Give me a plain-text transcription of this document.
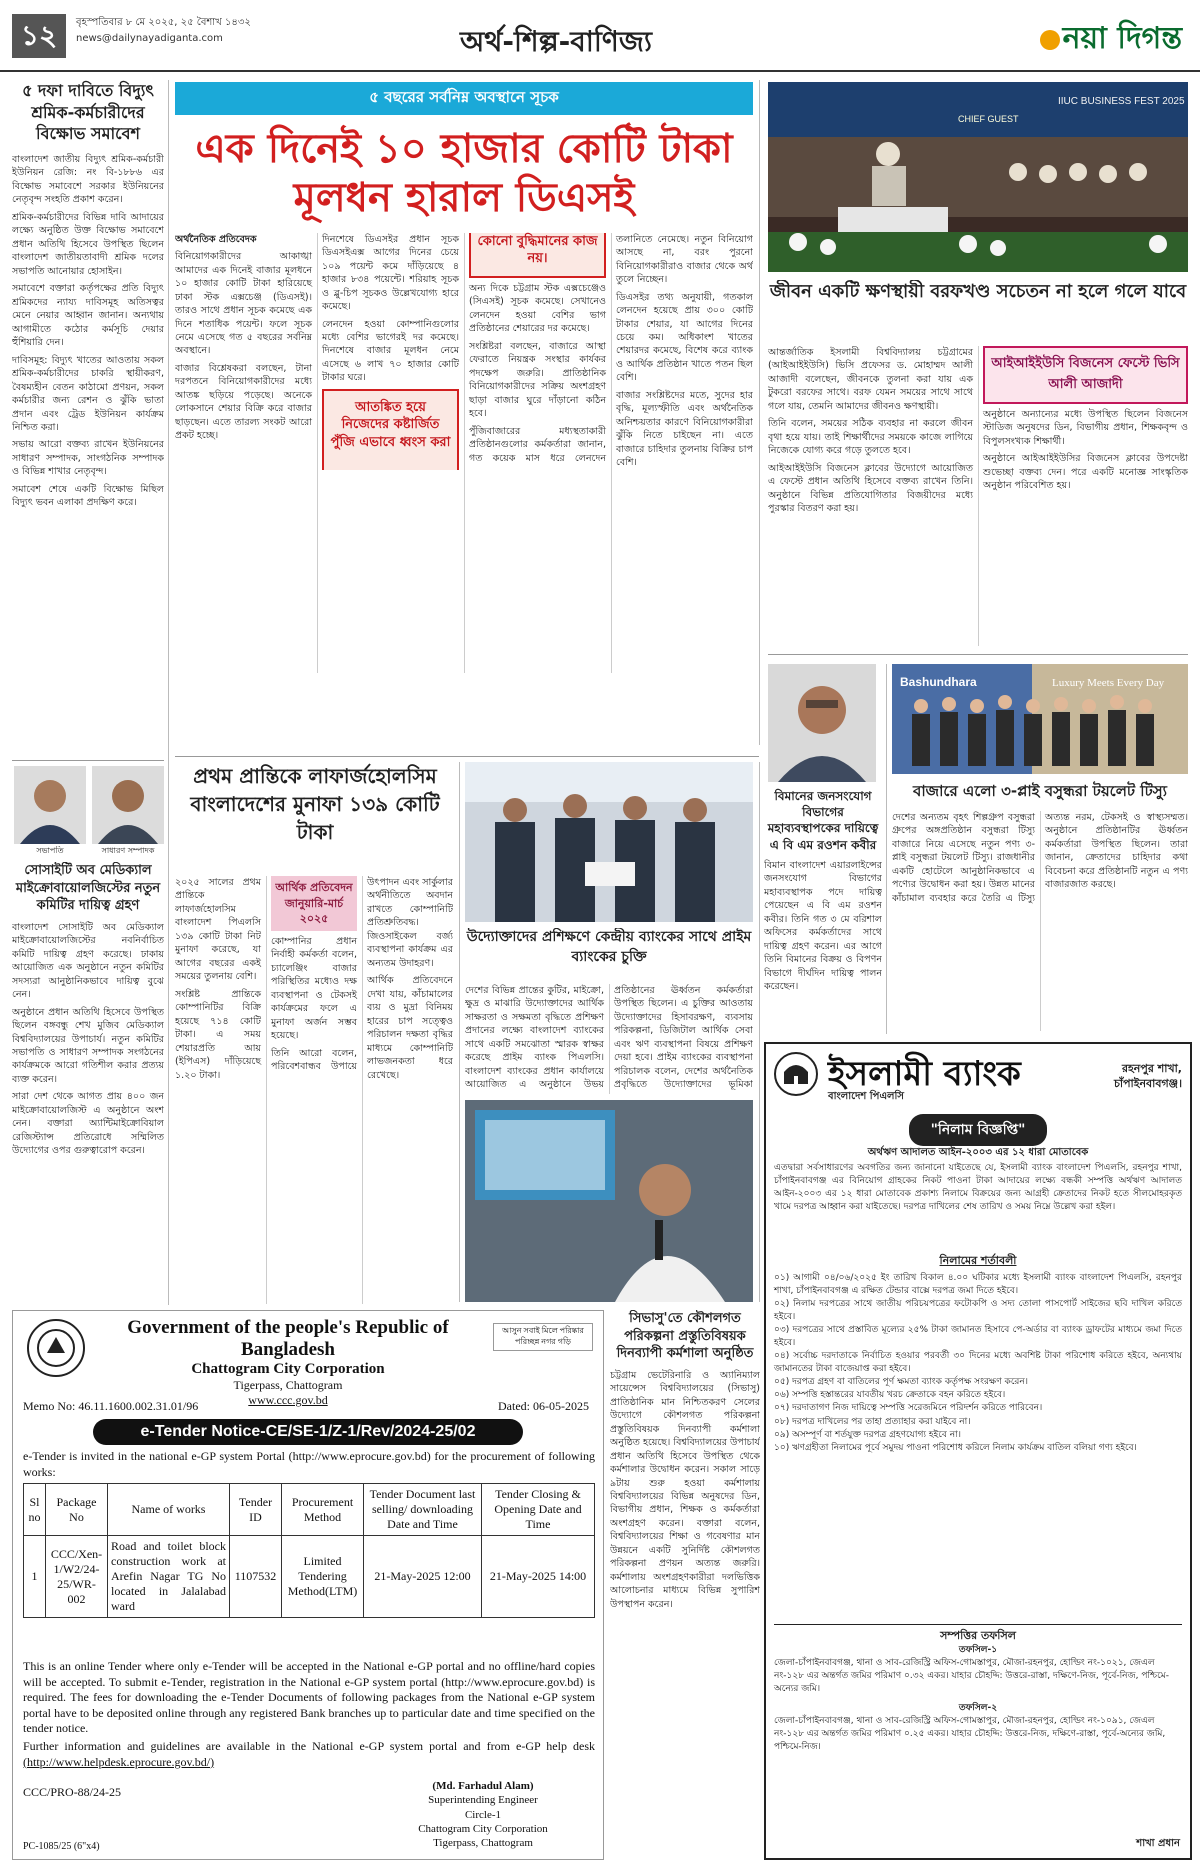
১২	বৃহস্পতিবার ৮ মে ২০২৫, ২৫ বৈশাখ ১৪৩২
news@dailynayadiganta.com	অর্থ-শিল্প-বাণিজ্য	নয়া দিগন্ত
৫ দফা দাবিতে বিদ্যুৎ শ্রমিক-কর্মচারীদের বিক্ষোভ সমাবেশ

বাংলাদেশ জাতীয় বিদ্যুৎ শ্রমিক-কর্মচারী ইউনিয়ন রেজি: নং বি-১৮৮৬ এর বিক্ষোভ সমাবেশে সরকার ইউনিয়নের নেতৃবৃন্দ সংহতি প্রকাশ করেন।

শ্রমিক-কর্মচারীদের বিভিন্ন দাবি আদায়ের লক্ষ্যে অনুষ্ঠিত উক্ত বিক্ষোভ সমাবেশে প্রধান অতিথি হিসেবে উপস্থিত ছিলেন বাংলাদেশ জাতীয়তাবাদী শ্রমিক দলের সভাপতি আনোয়ার হোসাইন।

সমাবেশে বক্তারা কর্তৃপক্ষের প্রতি বিদ্যুৎ শ্রমিকদের ন্যায্য দাবিসমূহ অতিসত্বর মেনে নেয়ার আহ্বান জানান। অন্যথায় আগামীতে কঠোর কর্মসূচি দেয়ার হুঁশিয়ারি দেন।

দাবিসমূহ: বিদ্যুৎ খাতের আওতায় সকল শ্রমিক-কর্মচারীদের চাকরি স্থায়ীকরণ, বৈষম্যহীন বেতন কাঠামো প্রণয়ন, সকল কর্মচারীর জন্য রেশন ও ঝুঁকি ভাতা প্রদান এবং ট্রেড ইউনিয়ন কার্যক্রম নিশ্চিত করা।

সভায় আরো বক্তব্য রাখেন ইউনিয়নের সাধারণ সম্পাদক, সাংগঠনিক সম্পাদক ও বিভিন্ন শাখার নেতৃবৃন্দ।

সমাবেশ শেষে একটি বিক্ষোভ মিছিল বিদ্যুৎ ভবন এলাকা প্রদক্ষিণ করে।

৫ বছরের সর্বনিম্ন অবস্থানে সূচক
এক দিনেই ১০ হাজার কোটি টাকা মূলধন হারাল ডিএসই

অর্থনৈতিক প্রতিবেদক

বিনিয়োগকারীদের আকাঙ্খা আমাদের এক দিনেই বাজার মূলধনে ১০ হাজার কোটি টাকা হারিয়েছে ঢাকা স্টক এক্সচেঞ্জ (ডিএসই)। তারও সাথে প্রধান সূচক কমেছে এক দিনে শতাধিক পয়েন্ট। ফলে সূচক নেমে এসেছে গত ৫ বছরের সর্বনিম্ন অবস্থানে।

বাজার বিশ্লেষকরা বলছেন, টানা দরপতনে বিনিয়োগকারীদের মধ্যে আতঙ্ক ছড়িয়ে পড়েছে। অনেকে লোকসানে শেয়ার বিক্রি করে বাজার ছাড়ছেন। এতে তারল্য সংকট আরো প্রকট হচ্ছে।

দিনশেষে ডিএসইর প্রধান সূচক ডিএসইএক্স আগের দিনের চেয়ে ১০৯ পয়েন্ট কমে দাঁড়িয়েছে ৪ হাজার ৮৩৪ পয়েন্টে। শরিয়াহ সূচক ও ব্লু-চিপ সূচকও উল্লেখযোগ্য হারে কমেছে।

লেনদেন হওয়া কোম্পানিগুলোর মধ্যে বেশির ভাগেরই দর কমেছে। দিনশেষে বাজার মূলধন নেমে এসেছে ৬ লাখ ৭০ হাজার কোটি টাকার ঘরে।

আতঙ্কিত হয়ে নিজেদের কষ্টার্জিত পুঁজি এভাবে ধ্বংস করা কোনো বুদ্ধিমানের কাজ নয়।

অন্য দিকে চট্টগ্রাম স্টক এক্সচেঞ্জেও (সিএসই) সূচক কমেছে। সেখানেও লেনদেন হওয়া বেশির ভাগ প্রতিষ্ঠানের শেয়ারের দর কমেছে।

সংশ্লিষ্টরা বলছেন, বাজারে আস্থা ফেরাতে নিয়ন্ত্রক সংস্থার কার্যকর পদক্ষেপ জরুরি। প্রাতিষ্ঠানিক বিনিয়োগকারীদের সক্রিয় অংশগ্রহণ ছাড়া বাজার ঘুরে দাঁড়ানো কঠিন হবে।

পুঁজিবাজারের মধ্যস্থতাকারী প্রতিষ্ঠানগুলোর কর্মকর্তারা জানান, গত কয়েক মাস ধরে লেনদেন তলানিতে নেমেছে। নতুন বিনিয়োগ আসছে না, বরং পুরনো বিনিয়োগকারীরাও বাজার থেকে অর্থ তুলে নিচ্ছেন।

ডিএসইর তথ্য অনুযায়ী, গতকাল লেনদেন হয়েছে প্রায় ৩০০ কোটি টাকার শেয়ার, যা আগের দিনের চেয়ে কম। অধিকাংশ খাতের শেয়ারদর কমেছে, বিশেষ করে ব্যাংক ও আর্থিক প্রতিষ্ঠান খাতে পতন ছিল বেশি।

বাজার সংশ্লিষ্টদের মতে, সুদের হার বৃদ্ধি, মূল্যস্ফীতি এবং অর্থনৈতিক অনিশ্চয়তার কারণে বিনিয়োগকারীরা ঝুঁকি নিতে চাইছেন না। এতে বাজারে চাহিদার তুলনায় বিক্রির চাপ বেশি।

IIUC BUSINESS FEST 2025
CHIEF GUEST
জীবন একটি ক্ষণস্থায়ী বরফখণ্ড সচেতন না হলে গলে যাবে

আন্তর্জাতিক ইসলামী বিশ্ববিদ্যালয় চট্টগ্রামের (আইআইইউসি) ভিসি প্রফেসর ড. মোহাম্মদ আলী আজাদী বলেছেন, জীবনকে তুলনা করা যায় এক টুকরো বরফের সাথে। বরফ যেমন সময়ের সাথে সাথে গলে যায়, তেমনি আমাদের জীবনও ক্ষণস্থায়ী।

তিনি বলেন, সময়ের সঠিক ব্যবহার না করলে জীবন বৃথা হয়ে যায়। তাই শিক্ষার্থীদের সময়কে কাজে লাগিয়ে নিজেকে যোগ্য করে গড়ে তুলতে হবে।

আইআইইউসি বিজনেস ক্লাবের উদ্যোগে আয়োজিত এ ফেস্টে প্রধান অতিথি হিসেবে বক্তব্য রাখেন তিনি। অনুষ্ঠানে বিভিন্ন প্রতিযোগিতার বিজয়ীদের মধ্যে পুরস্কার বিতরণ করা হয়।

আইআইইউসি বিজনেস ফেস্টে ভিসি আলী আজাদী

অনুষ্ঠানে অন্যান্যের মধ্যে উপস্থিত ছিলেন বিজনেস স্টাডিজ অনুষদের ডিন, বিভাগীয় প্রধান, শিক্ষকবৃন্দ ও বিপুলসংখ্যক শিক্ষার্থী।

অনুষ্ঠানে আইআইইউসির বিজনেস ক্লাবের উপদেষ্টা শুভেচ্ছা বক্তব্য দেন। পরে একটি মনোজ্ঞ সাংস্কৃতিক অনুষ্ঠান পরিবেশিত হয়।

বিমানের জনসংযোগ বিভাগের মহাব্যবস্থাপকের দায়িত্বে এ বি এম রওশন কবীর
বিমান বাংলাদেশ এয়ারলাইন্সের জনসংযোগ বিভাগের মহাব্যবস্থাপক পদে দায়িত্ব পেয়েছেন এ বি এম রওশন কবীর। তিনি গত ৩ মে বরিশাল অফিসের কর্মকর্তাদের সাথে দায়িত্ব গ্রহণ করেন। এর আগে তিনি বিমানের বিক্রয় ও বিপণন বিভাগে দীর্ঘদিন দায়িত্ব পালন করেছেন।
Bashundhara	Luxury Meets Every Day
বাজারে এলো ৩-প্লাই বসুন্ধরা টয়লেট টিস্যু
দেশের অন্যতম বৃহৎ শিল্পগ্রুপ বসুন্ধরা গ্রুপের অঙ্গপ্রতিষ্ঠান বসুন্ধরা টিস্যু বাজারে নিয়ে এসেছে নতুন পণ্য ৩-প্লাই বসুন্ধরা টয়লেট টিস্যু। রাজধানীর একটি হোটেলে আনুষ্ঠানিকভাবে এ পণ্যের উদ্বোধন করা হয়। উন্নত মানের কাঁচামাল ব্যবহার করে তৈরি এ টিস্যু অত্যন্ত নরম, টেকসই ও স্বাস্থ্যসম্মত। অনুষ্ঠানে প্রতিষ্ঠানটির ঊর্ধ্বতন কর্মকর্তারা উপস্থিত ছিলেন। তারা জানান, ক্রেতাদের চাহিদার কথা বিবেচনা করে প্রতিষ্ঠানটি নতুন এ পণ্য বাজারজাত করছে।
প্রথম প্রান্তিকে লাফার্জহোলসিম বাংলাদেশের মুনাফা ১৩৯ কোটি টাকা

২০২৫ সালের প্রথম প্রান্তিকে লাফার্জহোলসিম বাংলাদেশ পিএলসি ১৩৯ কোটি টাকা নিট মুনাফা করেছে, যা আগের বছরের একই সময়ের তুলনায় বেশি।

সংশ্লিষ্ট প্রান্তিকে কোম্পানিটির বিক্রি হয়েছে ৭১৪ কোটি টাকা। এ সময় শেয়ারপ্রতি আয় (ইপিএস) দাঁড়িয়েছে ১.২০ টাকা।

আর্থিক প্রতিবেদন জানুয়ারি-মার্চ ২০২৫

কোম্পানির প্রধান নির্বাহী কর্মকর্তা বলেন, চ্যালেঞ্জিং বাজার পরিস্থিতির মধ্যেও দক্ষ ব্যবস্থাপনা ও টেকসই কার্যক্রমের ফলে এ মুনাফা অর্জন সম্ভব হয়েছে।

তিনি আরো বলেন, পরিবেশবান্ধব উপায়ে উৎপাদন এবং সার্কুলার অর্থনীতিতে অবদান রাখতে কোম্পানিটি প্রতিশ্রুতিবদ্ধ। জিওসাইকেল বর্জ্য ব্যবস্থাপনা কার্যক্রম এর অন্যতম উদাহরণ।

আর্থিক প্রতিবেদনে দেখা যায়, কাঁচামালের ব্যয় ও মুদ্রা বিনিময় হারের চাপ সত্ত্বেও পরিচালন দক্ষতা বৃদ্ধির মাধ্যমে কোম্পানিটি লাভজনকতা ধরে রেখেছে।

সভাপতি	সাধারণ সম্পাদক
সোসাইটি অব মেডিক্যাল মাইক্রোবায়োলজিস্টের নতুন কমিটির দায়িত্ব গ্রহণ

বাংলাদেশ সোসাইটি অব মেডিক্যাল মাইক্রোবায়োলজিস্টের নবনির্বাচিত কমিটি দায়িত্ব গ্রহণ করেছে। ঢাকায় আয়োজিত এক অনুষ্ঠানে নতুন কমিটির সদস্যরা আনুষ্ঠানিকভাবে দায়িত্ব বুঝে নেন।

অনুষ্ঠানে প্রধান অতিথি হিসেবে উপস্থিত ছিলেন বঙ্গবন্ধু শেখ মুজিব মেডিক্যাল বিশ্ববিদ্যালয়ের উপাচার্য। নতুন কমিটির সভাপতি ও সাধারণ সম্পাদক সংগঠনের কার্যক্রমকে আরো গতিশীল করার প্রত্যয় ব্যক্ত করেন।

সারা দেশ থেকে আগত প্রায় ৪০০ জন মাইক্রোবায়োলজিস্ট এ অনুষ্ঠানে অংশ নেন। বক্তারা অ্যান্টিমাইক্রোবিয়াল রেজিস্ট্যান্স প্রতিরোধে সম্মিলিত উদ্যোগের ওপর গুরুত্বারোপ করেন।

উদ্যোক্তাদের প্রশিক্ষণে কেন্দ্রীয় ব্যাংকের সাথে প্রাইম ব্যাংকের চুক্তি
দেশের বিভিন্ন প্রান্তের কুটির, মাইক্রো, ক্ষুদ্র ও মাঝারি উদ্যোক্তাদের আর্থিক সাক্ষরতা ও সক্ষমতা বৃদ্ধিতে প্রশিক্ষণ প্রদানের লক্ষ্যে বাংলাদেশ ব্যাংকের সাথে একটি সমঝোতা স্মারক স্বাক্ষর করেছে প্রাইম ব্যাংক পিএলসি। বাংলাদেশ ব্যাংকের প্রধান কার্যালয়ে আয়োজিত এ অনুষ্ঠানে উভয় প্রতিষ্ঠানের ঊর্ধ্বতন কর্মকর্তারা উপস্থিত ছিলেন। এ চুক্তির আওতায় উদ্যোক্তাদের হিসাবরক্ষণ, ব্যবসায় পরিকল্পনা, ডিজিটাল আর্থিক সেবা এবং ঋণ ব্যবস্থাপনা বিষয়ে প্রশিক্ষণ দেয়া হবে। প্রাইম ব্যাংকের ব্যবস্থাপনা পরিচালক বলেন, দেশের অর্থনৈতিক প্রবৃদ্ধিতে উদ্যোক্তাদের ভূমিকা
সিভাসু'তে কৌশলগত পরিকল্পনা প্রস্তুতিবিষয়ক দিনব্যাপী কর্মশালা অনুষ্ঠিত
চট্টগ্রাম ভেটেরিনারি ও অ্যানিম্যাল সায়েন্সেস বিশ্ববিদ্যালয়ের (সিভাসু) প্রাতিষ্ঠানিক মান নিশ্চিতকরণ সেলের উদ্যোগে কৌশলগত পরিকল্পনা প্রস্তুতিবিষয়ক দিনব্যাপী কর্মশালা অনুষ্ঠিত হয়েছে। বিশ্ববিদ্যালয়ের উপাচার্য প্রধান অতিথি হিসেবে উপস্থিত থেকে কর্মশালার উদ্বোধন করেন। সকাল সাড়ে ৯টায় শুরু হওয়া কর্মশালায় বিশ্ববিদ্যালয়ের বিভিন্ন অনুষদের ডিন, বিভাগীয় প্রধান, শিক্ষক ও কর্মকর্তারা অংশগ্রহণ করেন। বক্তারা বলেন, বিশ্ববিদ্যালয়ের শিক্ষা ও গবেষণার মান উন্নয়নে একটি সুনির্দিষ্ট কৌশলগত পরিকল্পনা প্রণয়ন অত্যন্ত জরুরি। কর্মশালায় অংশগ্রহণকারীরা দলভিত্তিক আলোচনার মাধ্যমে বিভিন্ন সুপারিশ উপস্থাপন করেন।
ইসলামী ব্যাংক
বাংলাদেশ পিএলসি
রহনপুর শাখা, চাঁপাইনবাবগঞ্জ।
"নিলাম বিজ্ঞপ্তি"
অর্থঋণ আদালত আইন-২০০৩ এর ১২ ধারা মোতাবেক
এতদ্বারা সর্বসাধারণের অবগতির জন্য জানানো যাইতেছে যে, ইসলামী ব্যাংক বাংলাদেশ পিএলসি, রহনপুর শাখা, চাঁপাইনবাবগঞ্জ এর বিনিয়োগ গ্রাহকের নিকট পাওনা টাকা আদায়ের লক্ষ্যে বন্ধকী সম্পত্তি অর্থঋণ আদালত আইন-২০০৩ এর ১২ ধারা মোতাবেক প্রকাশ্য নিলামে বিক্রয়ের জন্য আগ্রহী ক্রেতাদের নিকট হতে সীলমোহরকৃত খামে দরপত্র আহ্বান করা যাইতেছে। দরপত্র দাখিলের শেষ তারিখ ও সময় নিম্নে উল্লেখ করা হইল।
নিলামের শর্তাবলী

০১) আগামী ০৪/০৬/২০২৫ ইং তারিখ বিকাল ৪.০০ ঘটিকার মধ্যে ইসলামী ব্যাংক বাংলাদেশ পিএলসি, রহনপুর শাখা, চাঁপাইনবাবগঞ্জ এ রক্ষিত টেন্ডার বাক্সে দরপত্র জমা দিতে হইবে।

০২) নিলাম দরপত্রের সাথে জাতীয় পরিচয়পত্রের ফটোকপি ও সদ্য তোলা পাসপোর্ট সাইজের ছবি দাখিল করিতে হইবে।

০৩) দরপত্রের সাথে প্রস্তাবিত মূল্যের ২৫% টাকা জামানত হিসাবে পে-অর্ডার বা ব্যাংক ড্রাফটের মাধ্যমে জমা দিতে হইবে।

০৪) সর্বোচ্চ দরদাতাকে নির্বাচিত হওয়ার পরবর্তী ৩০ দিনের মধ্যে অবশিষ্ট টাকা পরিশোধ করিতে হইবে, অন্যথায় জামানতের টাকা বাজেয়াপ্ত করা হইবে।

০৫) দরপত্র গ্রহণ বা বাতিলের পূর্ণ ক্ষমতা ব্যাংক কর্তৃপক্ষ সংরক্ষণ করেন।

০৬) সম্পত্তি হস্তান্তরের যাবতীয় খরচ ক্রেতাকে বহন করিতে হইবে।

০৭) দরদাতাগণ নিজ দায়িত্বে সম্পত্তি সরেজমিনে পরিদর্শন করিতে পারিবেন।

০৮) দরপত্র দাখিলের পর তাহা প্রত্যাহার করা যাইবে না।

০৯) অসম্পূর্ণ বা শর্তযুক্ত দরপত্র গ্রহণযোগ্য হইবে না।

১০) ঋণগ্রহীতা নিলামের পূর্বে সমুদয় পাওনা পরিশোধ করিলে নিলাম কার্যক্রম বাতিল বলিয়া গণ্য হইবে।

সম্পত্তির তফসিল

তফসিল-১

জেলা-চাঁপাইনবাবগঞ্জ, থানা ও সাব-রেজিস্ট্রি অফিস-গোমস্তাপুর, মৌজা-রহনপুর, হোল্ডিং নং-১০২১, জেএল নং-১২৮ এর অন্তর্গত জমির পরিমাণ ০.৩২ একর। যাহার চৌহদ্দি: উত্তরে-রাস্তা, দক্ষিণে-নিজ, পূর্বে-নিজ, পশ্চিমে-অন্যের জমি।

তফসিল-২

জেলা-চাঁপাইনবাবগঞ্জ, থানা ও সাব-রেজিস্ট্রি অফিস-গোমস্তাপুর, মৌজা-রহনপুর, হোল্ডিং নং-১০৯১, জেএল নং-১২৮ এর অন্তর্গত জমির পরিমাণ ০.২৫ একর। যাহার চৌহদ্দি: উত্তরে-নিজ, দক্ষিণে-রাস্তা, পূর্বে-অন্যের জমি, পশ্চিমে-নিজ।

শাখা প্রধান
আসুন সবাই মিলে পরিষ্কার পরিচ্ছন্ন নগর গড়ি
Government of the people's Republic of Bangladesh
Chattogram City Corporation
Tigerpass, Chattogram
www.ccc.gov.bd
Memo No: 46.11.1600.002.31.01/96	Dated: 06-05-2025
e-Tender Notice-CE/SE-1/Z-1/Rev/2024-25/02
e-Tender is invited in the national e-GP system Portal (http://www.eprocure.gov.bd) for the procurement of following works:
Sl no	Package No	Name of works	Tender ID	Procurement Method	Tender Document last selling/ downloading Date and Time	Tender Closing & Opening Date and Time
1	CCC/Xen-1/W2/24-25/WR-002	Road and toilet block construction work at Arefin Nagar TG No located in Jalalabad ward	1107532	Limited Tendering Method(LTM)	21-May-2025 12:00	21-May-2025 14:00
This is an online Tender where only e-Tender will be accepted in the National e-GP portal and no offline/hard copies will be accepted. To submit e-Tender, registration in the National e-GP system portal (http://www.eprocure.gov.bd) is required. The fees for downloading the e-Tender Documents of following packages from the National e-GP system portal have to be deposited online through any registered Bank branches up to particular date and time specified on the tender notice.
Further information and guidelines are available in the National e-GP system portal and from e-GP help desk (http://www.helpdesk.eprocure.gov.bd/)
CCC/PRO-88/24-25	(Md. Farhadul Alam)
Superintending Engineer
Circle-1
Chattogram City Corporation
Tigerpass, Chattogram
PC-1085/25 (6"x4)
